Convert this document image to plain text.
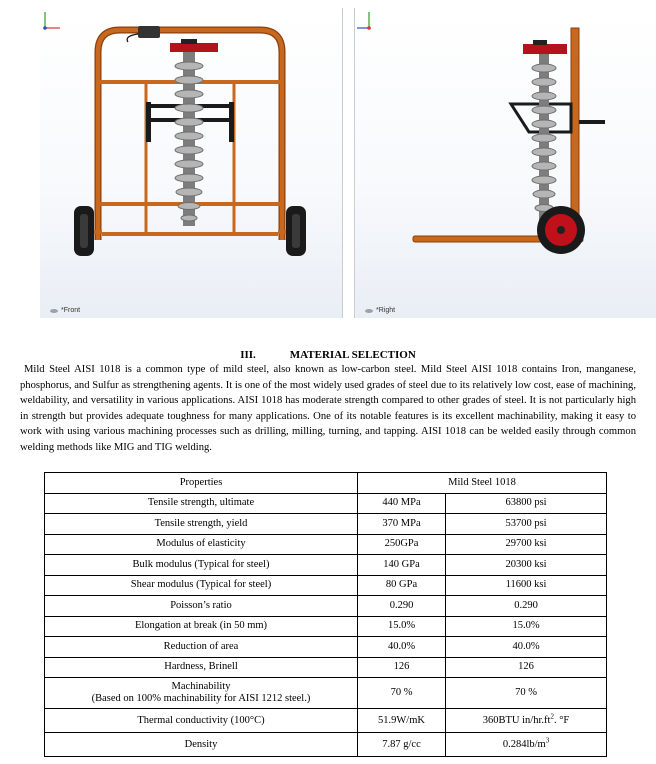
*Front	*Right
III.	MATERIAL SELECTION

Mild Steel AISI 1018 is a common type of mild steel, also known as low-carbon steel. Mild Steel AISI 1018 contains Iron, manganese, phosphorus, and Sulfur as strengthening agents. It is one of the most widely used grades of steel due to its relatively low cost, ease of machining, weldability, and versatility in various applications. AISI 1018 has moderate strength compared to other grades of steel. It is not particularly high in strength but provides adequate toughness for many applications. One of its notable features is its excellent machinability, making it easy to work with using various machining processes such as drilling, milling, turning, and tapping. AISI 1018 can be welded easily through common welding methods like MIG and TIG welding.

Properties	Mild Steel 1018	
Tensile strength, ultimate	440 MPa	63800 psi
Tensile strength, yield	370 MPa	53700 psi
Modulus of elasticity	250GPa	29700 ksi
Bulk modulus (Typical for steel)	140 GPa	20300 ksi
Shear modulus (Typical for steel)	80 GPa	11600 ksi
Poisson’s ratio	0.290	0.290
Elongation at break (in 50 mm)	15.0%	15.0%
Reduction of area	40.0%	40.0%
Hardness, Brinell	126	126
Machinability
(Based on 100% machinability for AISI 1212 steel.)	70 %	70 %
Thermal conductivity (100°C)	51.9W/mK	360BTU $in/hr.ft^2$. °F
Density	7.87 g/cc	$0.284lb/m^3$
